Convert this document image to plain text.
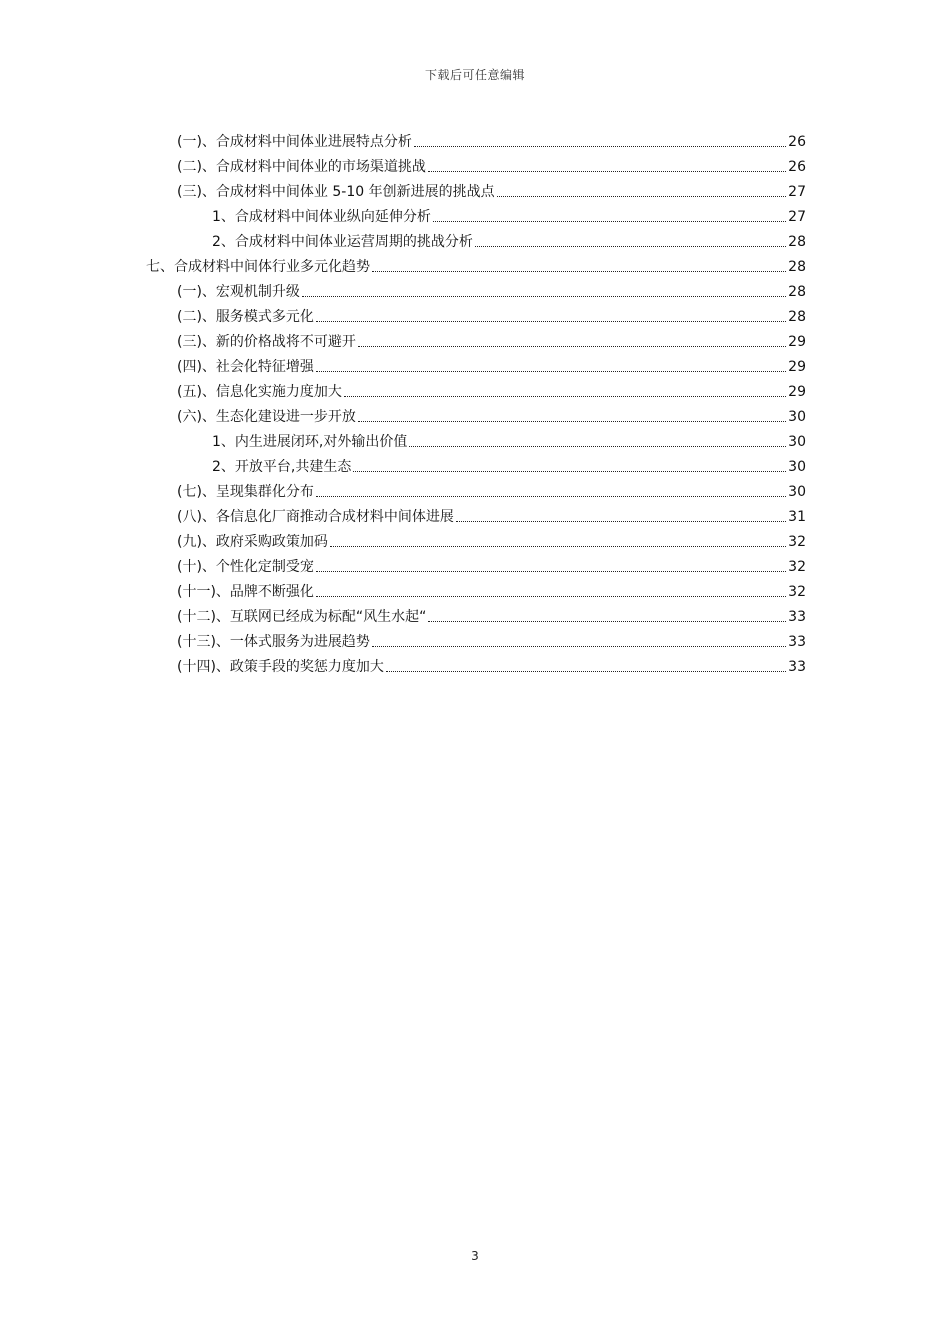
下载后可任意编辑
(一)、合成材料中间体业进展特点分析	26
(二)、合成材料中间体业的市场渠道挑战	26
(三)、合成材料中间体业 5-10 年创新进展的挑战点	27
1、合成材料中间体业纵向延伸分析	27
2、合成材料中间体业运营周期的挑战分析	28
七、合成材料中间体行业多元化趋势	28
(一)、宏观机制升级	28
(二)、服务模式多元化	28
(三)、新的价格战将不可避开	29
(四)、社会化特征增强	29
(五)、信息化实施力度加大	29
(六)、生态化建设进一步开放	30
1、内生进展闭环,对外输出价值	30
2、开放平台,共建生态	30
(七)、呈现集群化分布	30
(八)、各信息化厂商推动合成材料中间体进展	31
(九)、政府采购政策加码	32
(十)、个性化定制受宠	32
(十一)、品牌不断强化	32
(十二)、互联网已经成为标配“风生水起“	33
(十三)、一体式服务为进展趋势	33
(十四)、政策手段的奖惩力度加大	33
3
